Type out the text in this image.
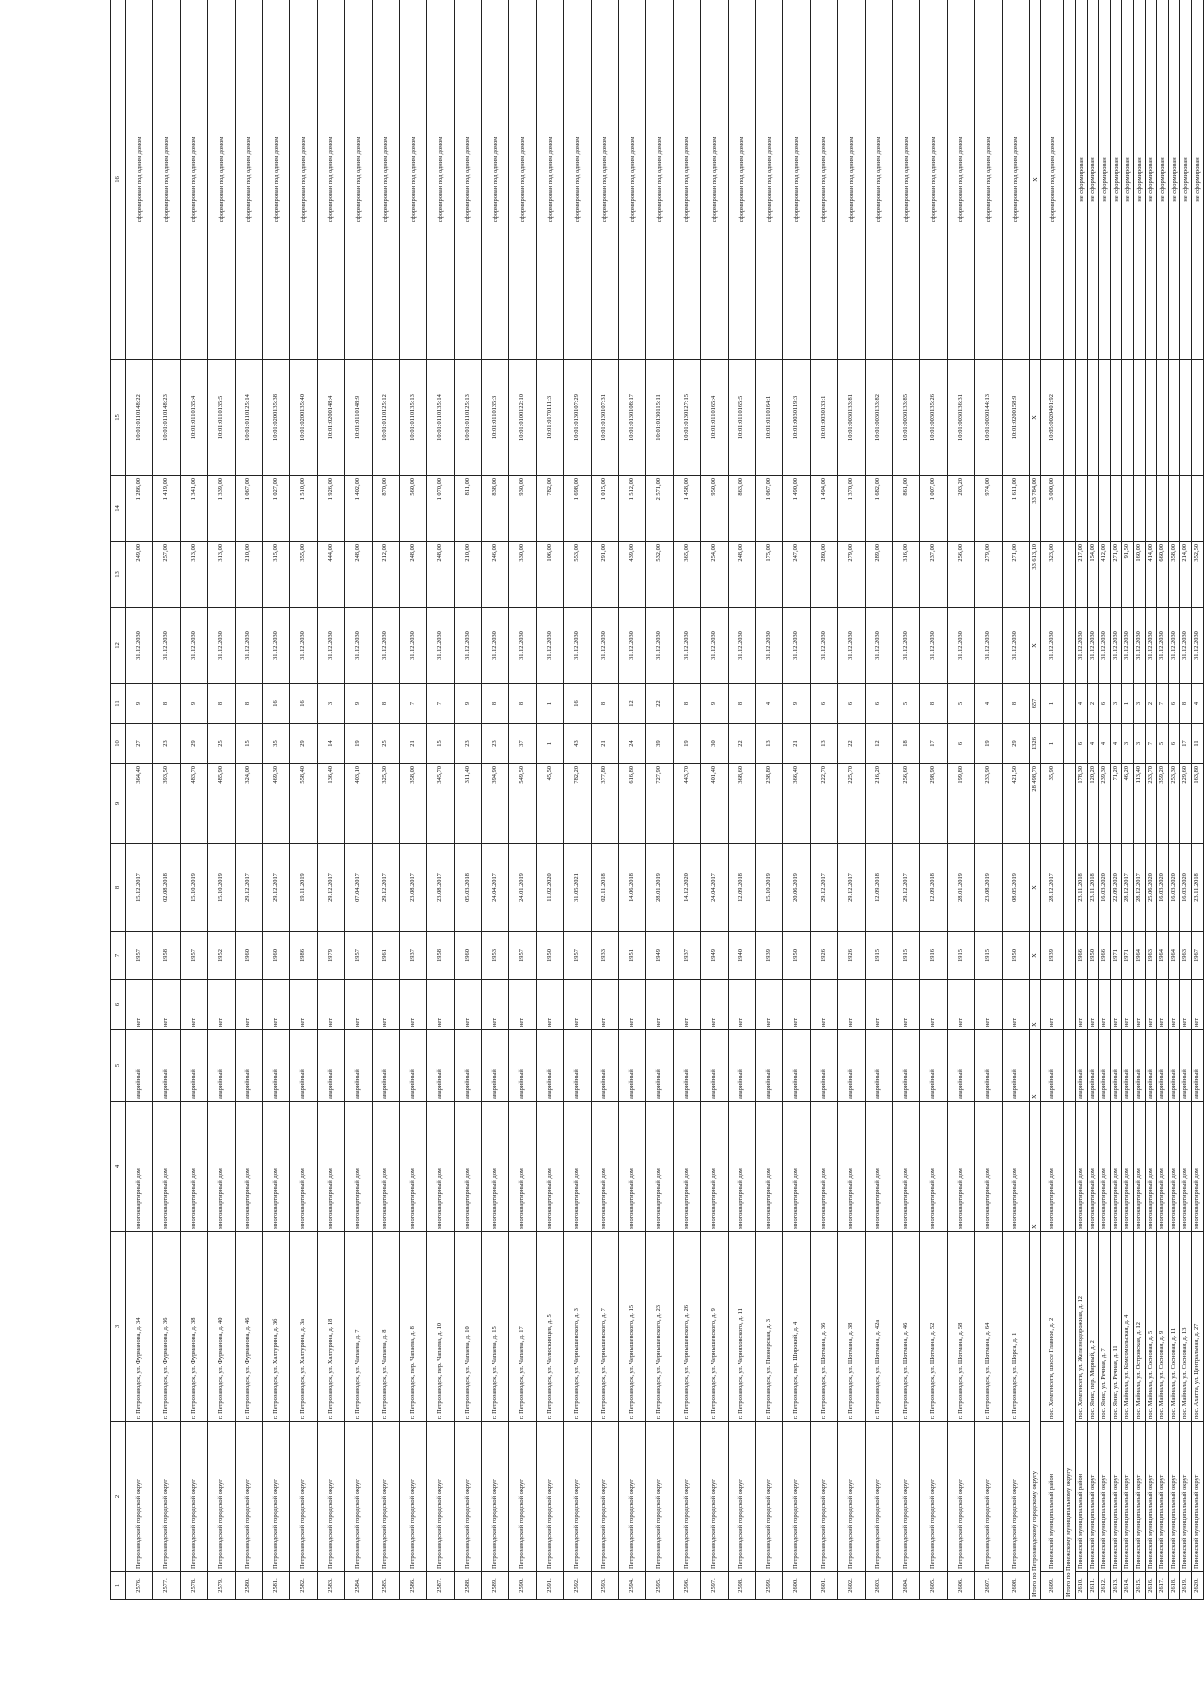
1	2	3	4	5	6	7	8	9	10	11	12	13	14	15	16
2576.	Петрозаводский городской округ	г. Петрозаводск, ул. Фурманова, д. 34	многоквартирный дом	аварийный	нет	1957	15.12.2017	364,40	27	9	31.12.2030	249,00	1 286,00	10:01:0110148:22	сформирован под одним домом
2577.	Петрозаводский городской округ	г. Петрозаводск, ул. Фурманова, д. 36	многоквартирный дом	аварийный	нет	1958	02.08.2018	393,50	23	8	31.12.2030	257,00	1 419,00	10:01:0110148:23	сформирован под одним домом
2578.	Петрозаводский городской округ	г. Петрозаводск, ул. Фурманова, д. 38	многоквартирный дом	аварийный	нет	1957	15.10.2019	483,70	29	9	31.12.2030	313,00	1 341,00	10:01:0110135:4	сформирован под одним домом
2579.	Петрозаводский городской округ	г. Петрозаводск, ул. Фурманова, д. 40	многоквартирный дом	аварийный	нет	1952	15.10.2019	485,90	25	8	31.12.2030	313,00	1 339,00	10:01:0110135:5	сформирован под одним домом
2580.	Петрозаводский городской округ	г. Петрозаводск, ул. Фурманова, д. 46	многоквартирный дом	аварийный	нет	1960	29.12.2017	324,00	15	8	31.12.2030	210,00	1 067,00	10:01:0110125:14	сформирован под одним домом
2581.	Петрозаводский городской округ	г. Петрозаводск, ул. Халтурина, д. 3б	многоквартирный дом	аварийный	нет	1960	29.12.2017	469,30	35	16	31.12.2030	315,00	1 027,00	10:01:0200135:38	сформирован под одним домом
2582.	Петрозаводский городской округ	г. Петрозаводск, ул. Халтурина, д. 3а	многоквартирный дом	аварийный	нет	1986	19.11.2019	558,40	29	16	31.12.2030	355,00	1 510,00	10:01:0200135:40	сформирован под одним домом
2583.	Петрозаводский городской округ	г. Петрозаводск, ул. Халтурина, д. 18	многоквартирный дом	аварийный	нет	1979	29.12.2017	136,40	14	3	31.12.2030	444,00	1 926,00	10:01:0200148:4	сформирован под одним домом
2584.	Петрозаводский городской округ	г. Петрозаводск, ул. Чапаева, д. 7	многоквартирный дом	аварийный	нет	1957	07.04.2017	403,10	19	9	31.12.2030	248,00	1 402,00	10:01:0110148:9	сформирован под одним домом
2585.	Петрозаводский городской округ	г. Петрозаводск, ул. Чапаева, д. 8	многоквартирный дом	аварийный	нет	1961	29.12.2017	325,30	25	8	31.12.2030	212,00	870,00	10:01:0110125:12	сформирован под одним домом
2586.	Петрозаводский городской округ	г. Петрозаводск, пер. Чапаева, д. 8	многоквартирный дом	аварийный	нет	1937	23.08.2017	358,00	21	7	31.12.2030	248,00	560,00	10:01:0110135:13	сформирован под одним домом
2587.	Петрозаводский городской округ	г. Петрозаводск, пер. Чапаева, д. 10	многоквартирный дом	аварийный	нет	1958	23.08.2017	345,70	15	7	31.12.2030	248,00	1 070,00	10:01:0110135:14	сформирован под одним домом
2588.	Петрозаводский городской округ	г. Петрозаводск, ул. Чапаева, д. 10	многоквартирный дом	аварийный	нет	1960	05.03.2018	311,40	23	9	31.12.2030	210,00	811,00	10:01:0110125:13	сформирован под одним домом
2589.	Петрозаводский городской округ	г. Петрозаводск, ул. Чапаева, д. 15	многоквартирный дом	аварийный	нет	1953	24.04.2017	394,90	23	8	31.12.2030	246,00	838,00	10:01:0110135:3	сформирован под одним домом
2590.	Петрозаводский городской округ	г. Петрозаводск, ул. Чапаева, д. 17	многоквартирный дом	аварийный	нет	1957	24.01.2019	549,50	37	8	31.12.2030	330,00	930,00	10:01:0100122:10	сформирован под одним домом
2591.	Петрозаводский городской округ	г. Петрозаводск, ул. Челюскинцев, д. 5	многоквартирный дом	аварийный	нет	1950	11.02.2020	45,50	1	1	31.12.2030	106,00	782,00	10:01:0170111:3	сформирован под одним домом
2592.	Петрозаводский городской округ	г. Петрозаводск, ул. Чернышевского, д. 3	многоквартирный дом	аварийный	нет	1957	31.05.2021	782,20	43	16	31.12.2030	553,00	1 698,00	10:01:0130107:29	сформирован под одним домом
2593.	Петрозаводский городской округ	г. Петрозаводск, ул. Чернышевского, д. 7	многоквартирный дом	аварийный	нет	1933	02.11.2018	377,80	21	8	31.12.2030	291,00	1 015,00	10:01:0130107:31	сформирован под одним домом
2594.	Петрозаводский городской округ	г. Петрозаводск, ул. Чернышевского, д. 15	многоквартирный дом	аварийный	нет	1951	14.06.2018	616,80	24	12	31.12.2030	439,00	1 512,00	10:01:0130108:17	сформирован под одним домом
2595.	Петрозаводский городской округ	г. Петрозаводск, ул. Чернышевского, д. 23	многоквартирный дом	аварийный	нет	1949	28.01.2019	727,90	39	22	31.12.2030	532,00	2 571,00	10:01:0130115:11	сформирован под одним домом
2596.	Петрозаводский городской округ	г. Петрозаводск, ул. Чернышевского, д. 26	многоквартирный дом	аварийный	нет	1937	14.12.2020	443,70	19	8	31.12.2030	365,00	1 458,00	10:01:0130127:15	сформирован под одним домом
2597.	Петрозаводский городской округ	г. Петрозаводск, ул. Чернышевского, д. 9	многоквартирный дом	аварийный	нет	1949	24.04.2017	401,40	30	9	31.12.2030	254,00	950,00	10:01:0110165:4	сформирован под одним домом
2598.	Петрозаводский городской округ	г. Петрозаводск, ул. Черняховского, д. 11	многоквартирный дом	аварийный	нет	1940	12.09.2018	368,60	22	8	31.12.2030	248,00	863,00	10:01:0110165:5	сформирован под одним домом
2599.	Петрозаводский городской округ	г. Петрозаводск, ул. Пионерская, д. 3	многоквартирный дом	аварийный	нет	1939	15.10.2019	238,80	13	4	31.12.2030	175,00	1 067,00	10:01:0110164:1	сформирован под одним домом
2600.	Петрозаводский городской округ	г. Петрозаводск, пер. Широкий, д. 4	многоквартирный дом	аварийный	нет	1950	20.06.2019	366,40	21	9	31.12.2030	247,00	1 490,00	10:01:0030119:3	сформирован под одним домом
2601.	Петрозаводский городской округ	г. Петрозаводск, ул. Шотмана, д. 36	многоквартирный дом	аварийный	нет	1926	29.12.2017	222,70	13	6	31.12.2030	280,00	1 494,00	10:01:0030133:1	сформирован под одним домом
2602.	Петрозаводский городской округ	г. Петрозаводск, ул. Шотмана, д. 38	многоквартирный дом	аварийный	нет	1926	29.12.2017	225,70	22	6	31.12.2030	279,00	1 370,00	10:01:0030133:81	сформирован под одним домом
2603.	Петрозаводский городской округ	г. Петрозаводск, ул. Шотмана, д. 42а	многоквартирный дом	аварийный	нет	1915	12.09.2018	216,20	12	6	31.12.2030	289,00	1 682,00	10:01:0030133:82	сформирован под одним домом
2604.	Петрозаводский городской округ	г. Петрозаводск, ул. Шотмана, д. 46	многоквартирный дом	аварийный	нет	1915	29.12.2017	256,60	18	5	31.12.2030	316,00	861,00	10:01:0030133:85	сформирован под одним домом
2605.	Петрозаводский городской округ	г. Петрозаводск, ул. Шотмана, д. 52	многоквартирный дом	аварийный	нет	1916	12.09.2018	298,90	17	8	31.12.2030	237,00	1 007,00	10:01:0030135:26	сформирован под одним домом
2606.	Петрозаводский городской округ	г. Петрозаводск, ул. Шотмана, д. 58	многоквартирный дом	аварийный	нет	1915	28.01.2019	199,80	6	5	31.12.2030	256,00	203,20	10:01:0030136:31	сформирован под одним домом
2607.	Петрозаводский городской округ	г. Петрозаводск, ул. Шотмана, д. 64	многоквартирный дом	аварийный	нет	1915	23.08.2019	233,90	19	4	31.12.2030	279,00	974,00	10:01:0030144:13	сформирован под одним домом
2608.	Петрозаводский городской округ	г. Петрозаводск, ул. Шорса, д. 1	многоквартирный дом	аварийный	нет	1950	08.05.2019	421,50	29	8	31.12.2030	271,00	1 611,00	10:01:0200158:9	сформирован под одним домом
Итого по Петрозаводскому городскому округу			X	X	X	X	X	28 498,70	1326	657	X	33 613,10	33 784,00	X	X
2609.	Пинежский муниципальный район	пос. Хемгенсеги, шоссе Главное, д. 2	многоквартирный дом	аварийный	нет	1939	28.12.2017	35,90	1	1	31.12.2030	323,00	3 000,00	10:05:0020401:92	сформирован под одним домом
Итого по Пинежскому муниципальному округу															
2610.	Пинежский муниципальный район	пос. Хемгенсеги, ул. Железнодорожная, д. 12	многоквартирный дом	аварийный	нет	1966	23.11.2018	178,30	6	4	31.12.2030	217,00			не сформирован
2611.	Пинежский муниципальный округ	пос. Янис, пер. Мирный, д. 2	многоквартирный дом	аварийный	нет	1950	23.11.2018	120,20	4	2	31.12.2030	154,00			не сформирован
2612.	Пинежский муниципальный округ	пос. Янис, ул. Речная, д. 7	многоквартирный дом	аварийный	нет	1966	16.03.2020	239,30	4	6	31.12.2030	412,00			не сформирован
2613.	Пинежский муниципальный округ	пос. Янис, ул. Речная, д. 11	многоквартирный дом	аварийный	нет	1971	22.09.2020	71,20	4	3	31.12.2030	271,00			не сформирован
2614.	Пинежский муниципальный округ	пос. Майнала, ул. Комсомольская, д. 4	многоквартирный дом	аварийный	нет	1971	28.12.2017	46,20	3	1	31.12.2030	91,50			не сформирован
2615.	Пинежский муниципальный округ	пос. Майнала, ул. Островская, д. 12	многоквартирный дом	аварийный	нет	1964	28.12.2017	113,40	3	3	31.12.2030	160,00			не сформирован
2616.	Пинежский муниципальный округ	пос. Майнала, ул. Сосновая, д. 5	многоквартирный дом	аварийный	нет	1963	25.06.2020	233,70	7	2	31.12.2030	414,00			не сформирован
2617.	Пинежский муниципальный округ	пос. Майнала, ул. Сосновая, д. 9	многоквартирный дом	аварийный	нет	1964	16.03.2020	359,20	5	7	31.12.2030	660,00			не сформирован
2618.	Пинежский муниципальный округ	пос. Майнала, ул. Сосновая, д. 11	многоквартирный дом	аварийный	нет	1964	16.03.2020	253,30	6	6	31.12.2030	358,00			не сформирован
2619.	Пинежский муниципальный округ	пос. Майнала, ул. Сосновая, д. 13	многоквартирный дом	аварийный	нет	1963	16.03.2020	229,60	17	8	31.12.2030	214,00			не сформирован
2620.	Пинежский муниципальный округ	пос. Ахатта, ул. Центральная, д. 27	многоквартирный дом	аварийный	нет	1967	23.11.2018	163,80	11	4	31.12.2030	352,50			не сформирован
